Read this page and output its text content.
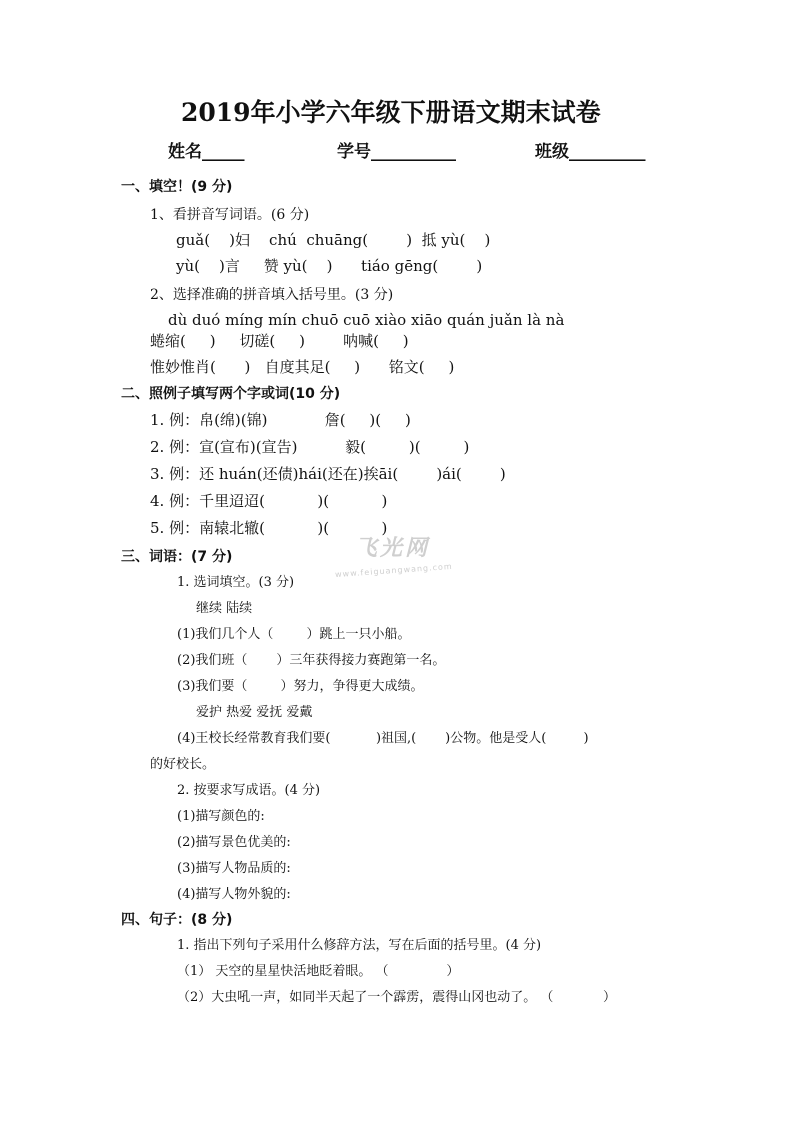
2019年小学六年级下册语文期末试卷
姓名_____	学号__________	班级_________
一、填空！(9 分)
1、看拼音写词语。(6 分)
guǎ(    )妇    chú  chuāng(        )  抵 yù(    )
yù(    )言     赞 yù(    )      tiáo gēng(        )
2、选择准确的拼音填入括号里。(3 分)
dù duó míng mín chuō cuō xiào xiāo quán juǎn là nà
蜷缩(     )     切磋(     )        呐喊(     )
惟妙惟肖(      )   自度其足(     )      铭文(     )
二、照例子填写两个字或词(10 分)
1. 例：帛(绵)(锦)            詹(     )(     )
2. 例：宣(宣布)(宣告)          毅(         )(         )
3. 例：还 huán(还债)hái(还在)挨āi(        )ái(        )
4. 例：千里迢迢(           )(           )
5. 例：南辕北辙(           )(           )
三、词语：(7 分)
1. 选词填空。(3 分)
继续 陆续
(1)我们几个人（        ）跳上一只小船。
(2)我们班（       ）三年获得接力赛跑第一名。
(3)我们要（        ）努力，争得更大成绩。
爱护 热爱 爱抚 爱戴
(4)王校长经常教育我们要(           )祖国,(       )公物。他是受人(         )
的好校长。
2. 按要求写成语。(4 分)
(1)描写颜色的:
(2)描写景色优美的:
(3)描写人物品质的:
(4)描写人物外貌的:
四、句子：(8 分)
1. 指出下列句子采用什么修辞方法，写在后面的括号里。(4 分)
（1） 天空的星星快活地眨着眼。 （              ）
（2）大虫吼一声，如同半天起了一个霹雳，震得山冈也动了。 （            ）
飞光网
www.feiguangwang.com
